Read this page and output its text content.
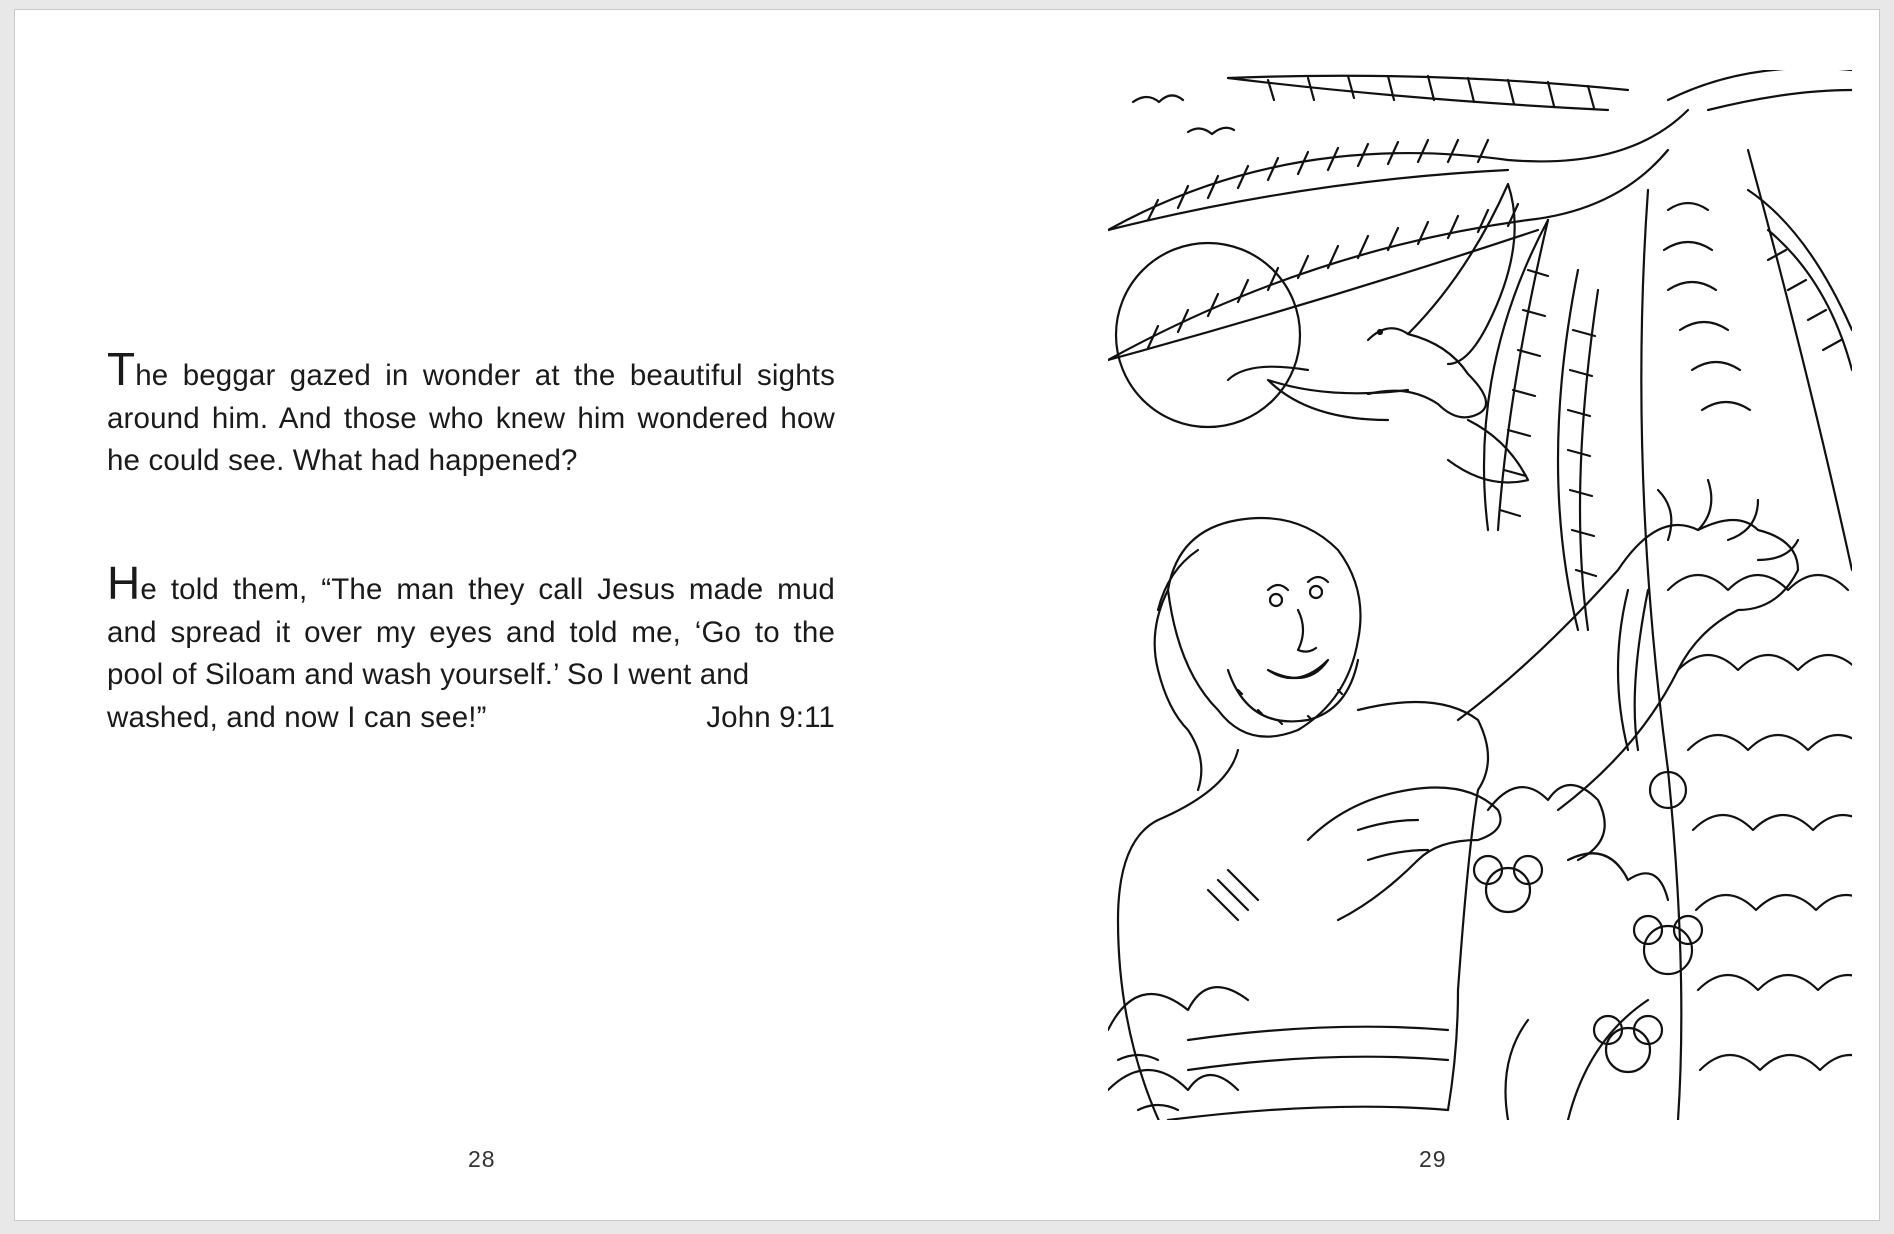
The beggar gazed in wonder at the beautiful sights around him. And those who knew him wondered how he could see. What had happened?
He told them, “The man they call Jesus made mud and spread it over my eyes and told me, ‘Go to the pool of Siloam and wash yourself.’ So I went and
washed, and now I can see!”	John 9:11
28	29
